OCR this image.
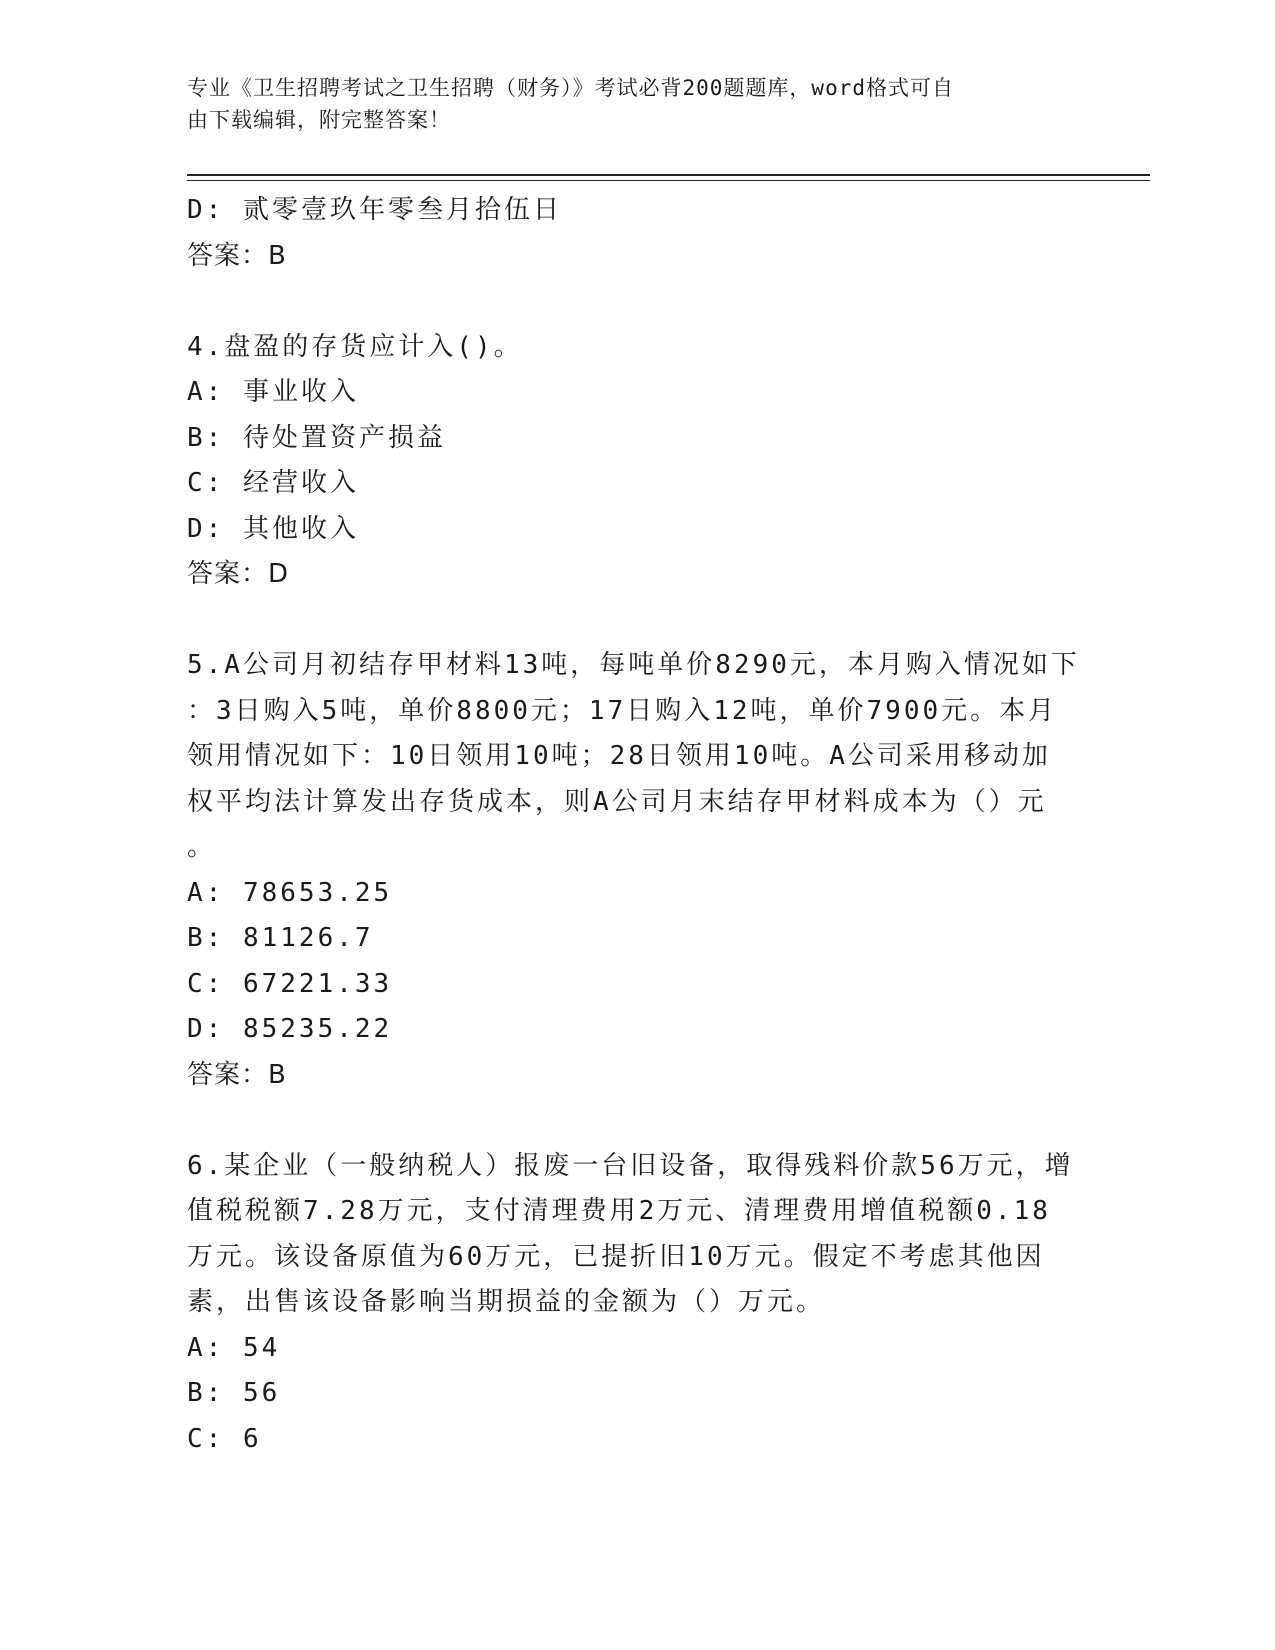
专业《卫生招聘考试之卫生招聘（财务）》考试必背200题题库，word格式可自
由下载编辑，附完整答案！
D: 贰零壹玖年零叁月拾伍日
答案：B
4.盘盈的存货应计入()。
A: 事业收入
B: 待处置资产损益
C: 经营收入
D: 其他收入
答案：D
5.A公司月初结存甲材料13吨，每吨单价8290元，本月购入情况如下
：3日购入5吨，单价8800元；17日购入12吨，单价7900元。本月
领用情况如下：10日领用10吨；28日领用10吨。A公司采用移动加
权平均法计算发出存货成本，则A公司月末结存甲材料成本为（）元
。
A: 78653.25
B: 81126.7
C: 67221.33
D: 85235.22
答案：B
6.某企业（一般纳税人）报废一台旧设备，取得残料价款56万元，增
值税税额7.28万元，支付清理费用2万元、清理费用增值税额0.18
万元。该设备原值为60万元，已提折旧10万元。假定不考虑其他因
素，出售该设备影响当期损益的金额为（）万元。
A: 54
B: 56
C: 6
